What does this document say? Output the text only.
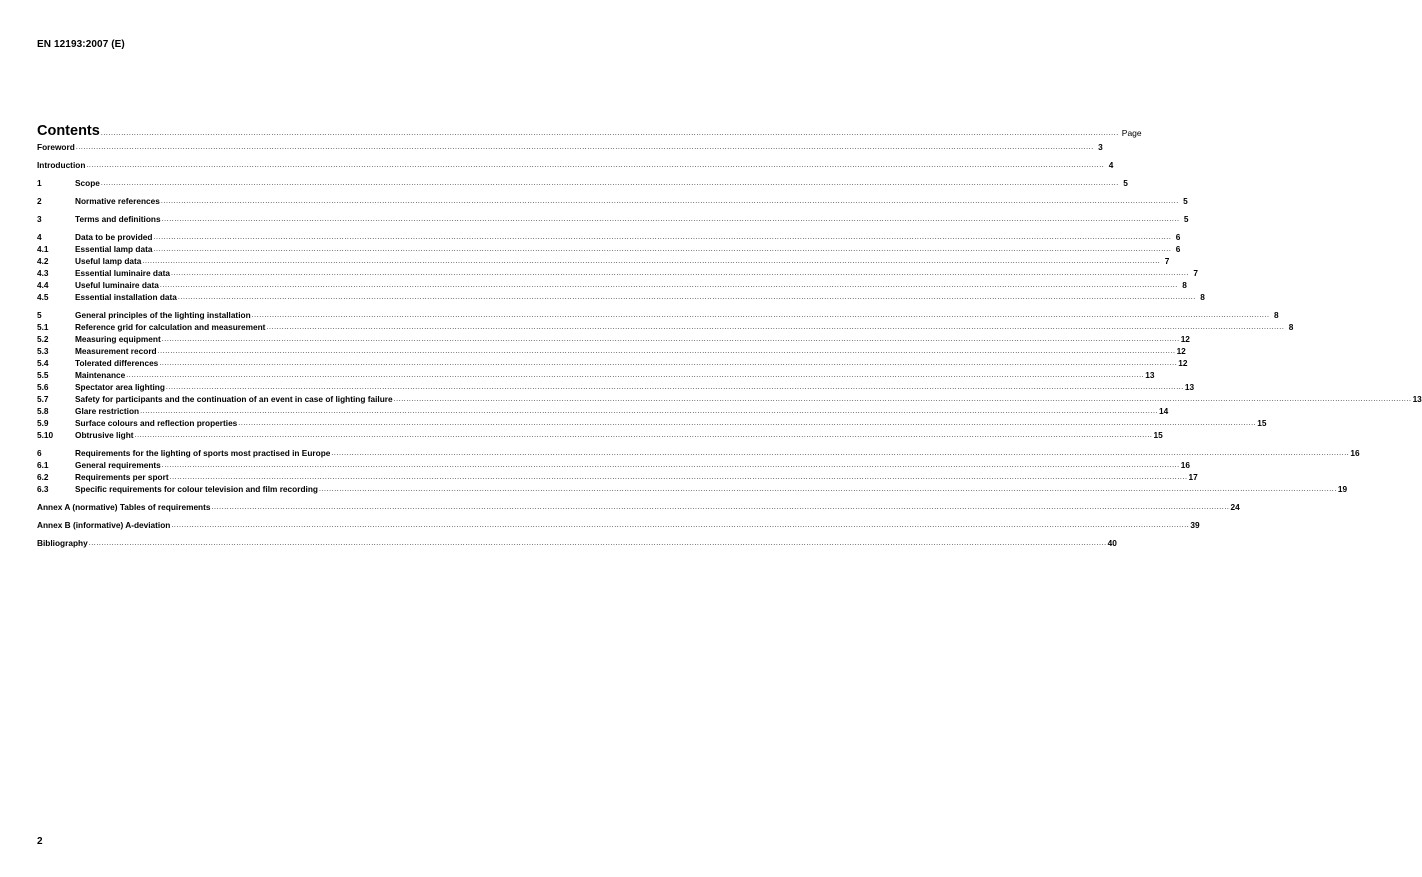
EN 12193:2007 (E)
Contents ................................................................................................................................................................................................................................................................................................................................................................................................................ Page
Foreword ................................................................................................................................................................................................................................................................................................................................................................................................................ 3
Introduction ................................................................................................................................................................................................................................................................................................................................................................................................................ 4
1	Scope ................................................................................................................................................................................................................................................................................................................................................................................................................ 5
2	Normative references ................................................................................................................................................................................................................................................................................................................................................................................................................ 5
3	Terms and definitions ................................................................................................................................................................................................................................................................................................................................................................................................................ 5
4	Data to be provided ................................................................................................................................................................................................................................................................................................................................................................................................................ 6
4.1	Essential lamp data ................................................................................................................................................................................................................................................................................................................................................................................................................ 6
4.2	Useful lamp data ................................................................................................................................................................................................................................................................................................................................................................................................................ 7
4.3	Essential luminaire data ................................................................................................................................................................................................................................................................................................................................................................................................................ 7
4.4	Useful luminaire data ................................................................................................................................................................................................................................................................................................................................................................................................................ 8
4.5	Essential installation data ................................................................................................................................................................................................................................................................................................................................................................................................................ 8
5	General principles of the lighting installation ................................................................................................................................................................................................................................................................................................................................................................................................................ 8
5.1	Reference grid for calculation and measurement ................................................................................................................................................................................................................................................................................................................................................................................................................ 8
5.2	Measuring equipment ................................................................................................................................................................................................................................................................................................................................................................................................................ 12
5.3	Measurement record ................................................................................................................................................................................................................................................................................................................................................................................................................ 12
5.4	Tolerated differences ................................................................................................................................................................................................................................................................................................................................................................................................................ 12
5.5	Maintenance ................................................................................................................................................................................................................................................................................................................................................................................................................ 13
5.6	Spectator area lighting ................................................................................................................................................................................................................................................................................................................................................................................................................ 13
5.7	Safety for participants and the continuation of an event in case of lighting failure ................................................................................................................................................................................................................................................................................................................................................................................................................ 13
5.8	Glare restriction ................................................................................................................................................................................................................................................................................................................................................................................................................ 14
5.9	Surface colours and reflection properties ................................................................................................................................................................................................................................................................................................................................................................................................................ 15
5.10	Obtrusive light ................................................................................................................................................................................................................................................................................................................................................................................................................ 15
6	Requirements for the lighting of sports most practised in Europe ................................................................................................................................................................................................................................................................................................................................................................................................................ 16
6.1	General requirements ................................................................................................................................................................................................................................................................................................................................................................................................................ 16
6.2	Requirements per sport ................................................................................................................................................................................................................................................................................................................................................................................................................ 17
6.3	Specific requirements for colour television and film recording ................................................................................................................................................................................................................................................................................................................................................................................................................ 19
Annex A (normative) Tables of requirements ................................................................................................................................................................................................................................................................................................................................................................................................................ 24
Annex B (informative) A-deviation ................................................................................................................................................................................................................................................................................................................................................................................................................ 39
Bibliography ................................................................................................................................................................................................................................................................................................................................................................................................................ 40
2
